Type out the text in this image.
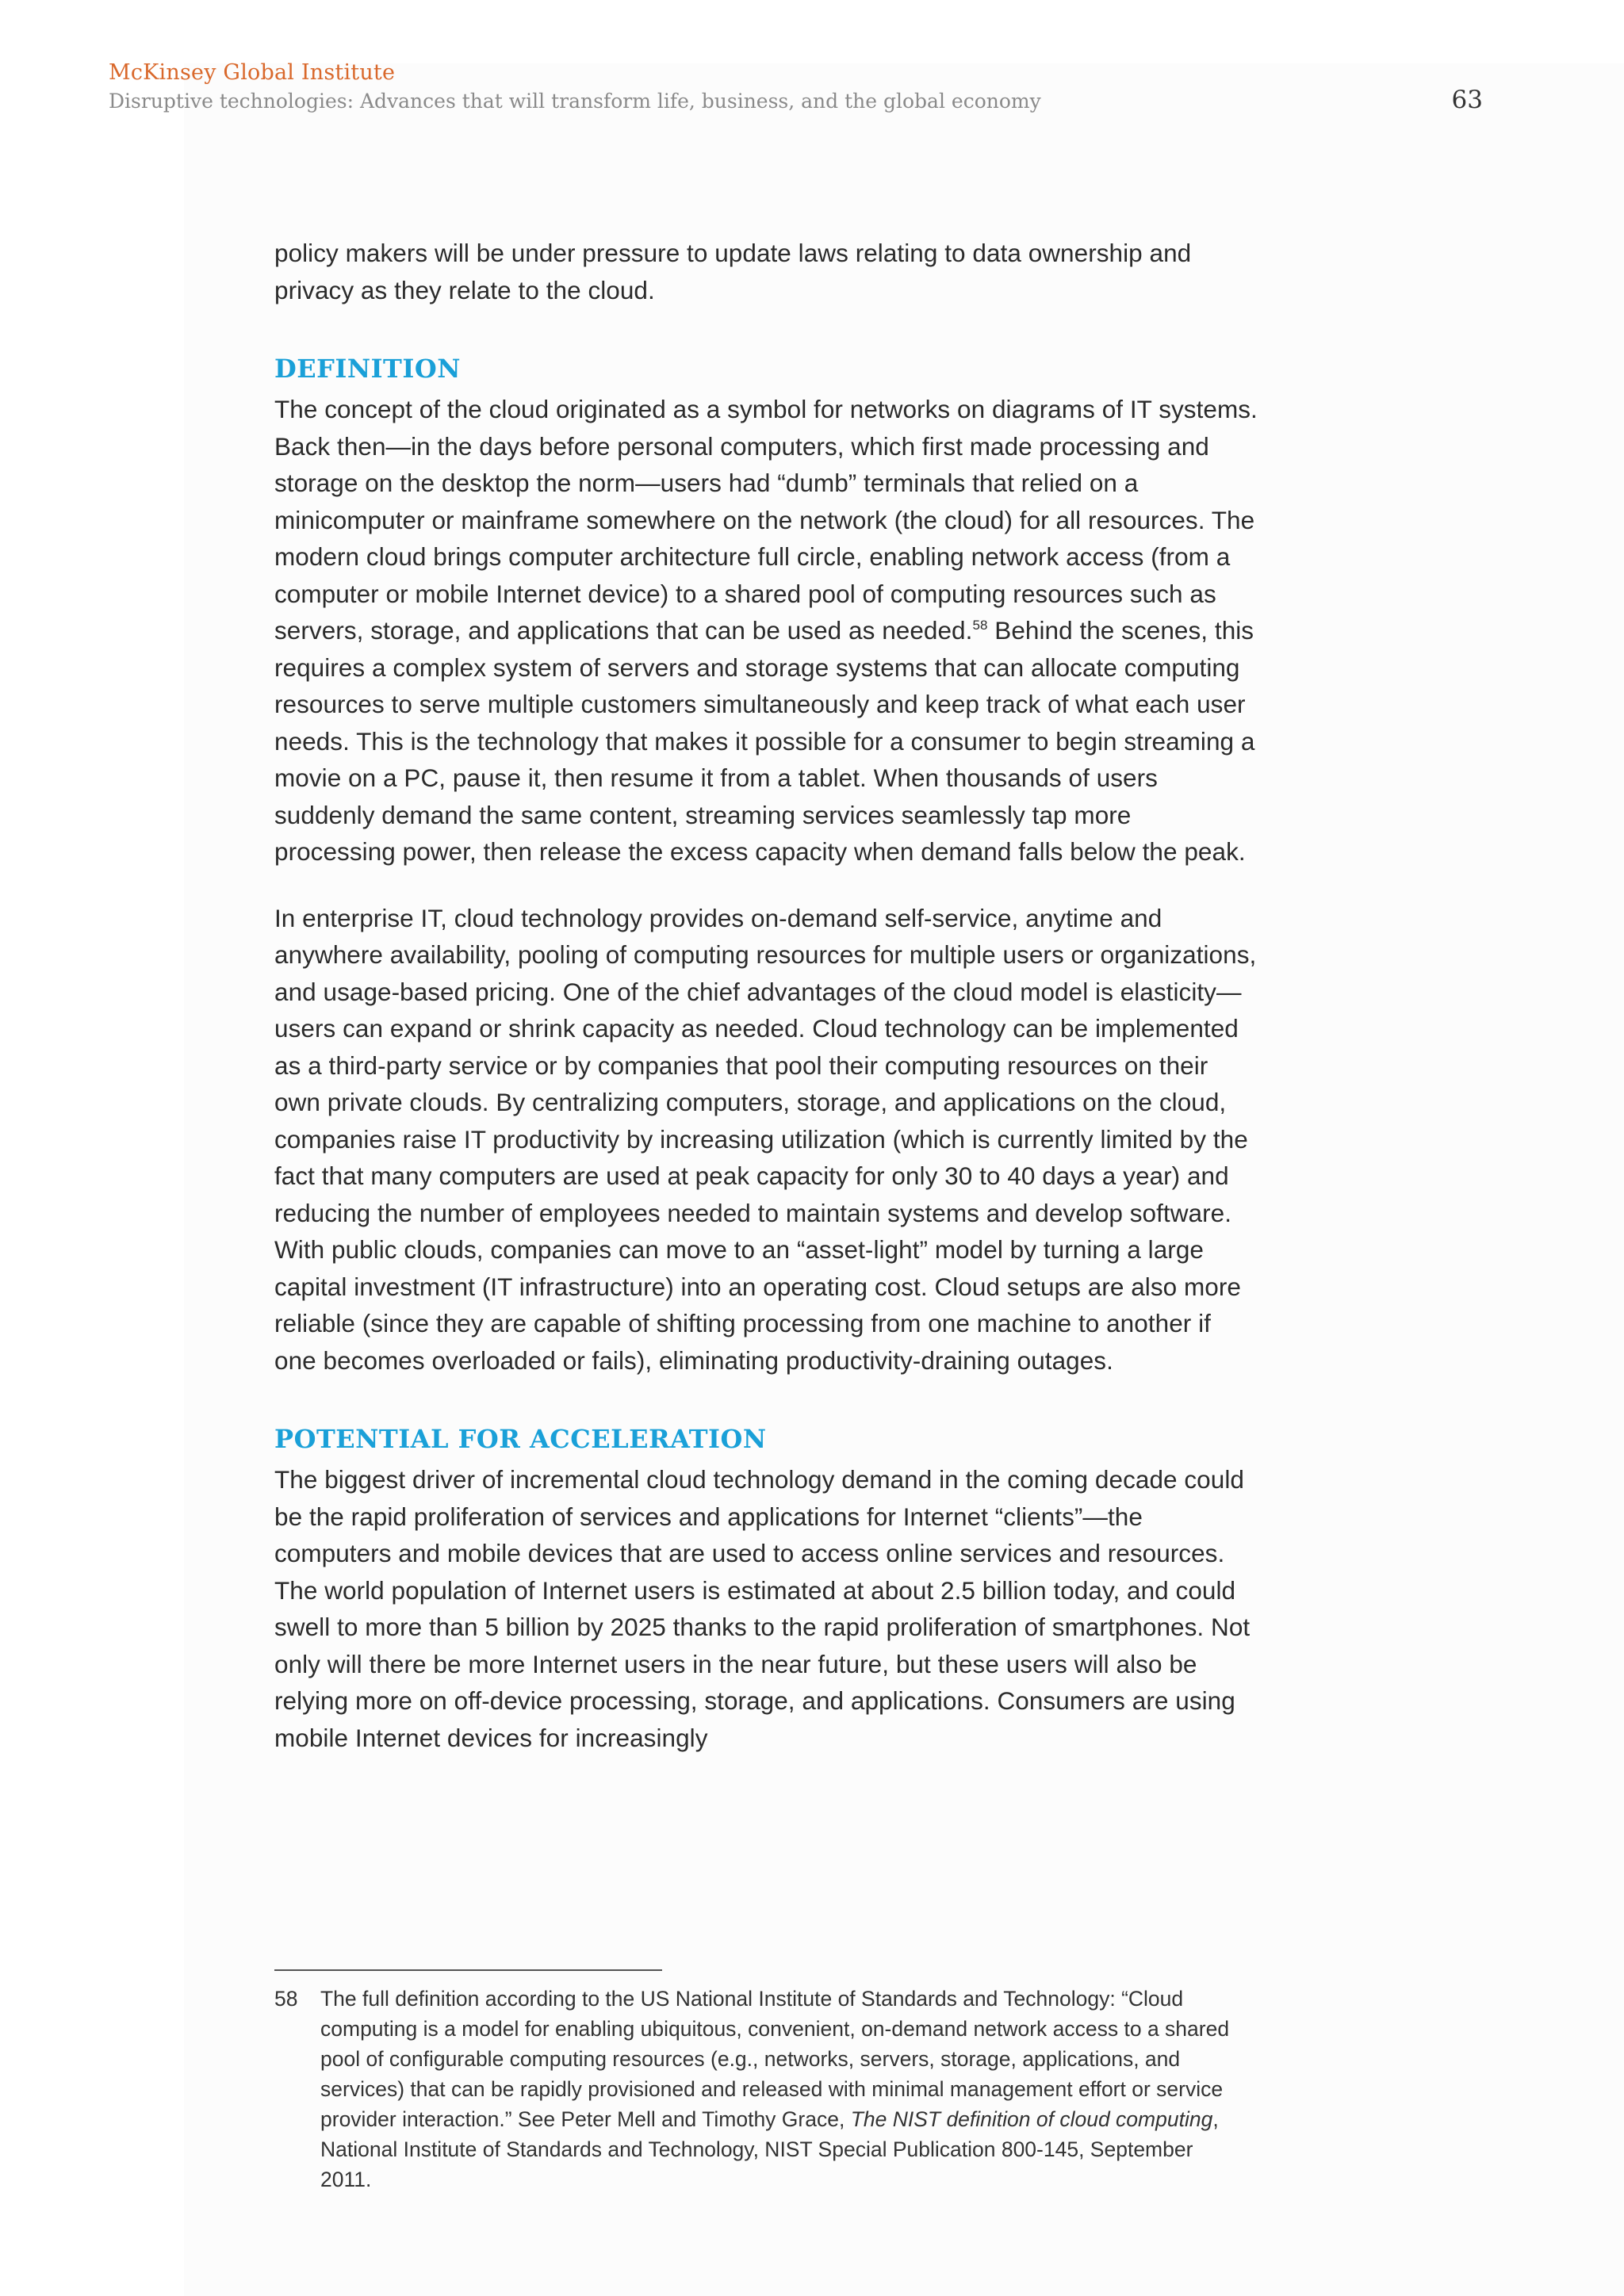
McKinsey Global Institute
Disruptive technologies: Advances that will transform life, business, and the global economy	63

policy makers will be under pressure to update laws relating to data ownership and privacy as they relate to the cloud.

DEFINITION

The concept of the cloud originated as a symbol for networks on diagrams of IT systems. Back then—in the days before personal computers, which first made processing and storage on the desktop the norm—users had “dumb” terminals that relied on a minicomputer or mainframe somewhere on the network (the cloud) for all resources. The modern cloud brings computer architecture full circle, enabling network access (from a computer or mobile Internet device) to a shared pool of computing resources such as servers, storage, and applications that can be used as needed.$^{58}$ Behind the scenes, this requires a complex system of servers and storage systems that can allocate computing resources to serve multiple customers simultaneously and keep track of what each user needs. This is the technology that makes it possible for a consumer to begin streaming a movie on a PC, pause it, then resume it from a tablet. When thousands of users suddenly demand the same content, streaming services seamlessly tap more processing power, then release the excess capacity when demand falls below the peak.

In enterprise IT, cloud technology provides on-demand self-service, anytime and anywhere availability, pooling of computing resources for multiple users or organizations, and usage-based pricing. One of the chief advantages of the cloud model is elasticity—users can expand or shrink capacity as needed. Cloud technology can be implemented as a third-party service or by companies that pool their computing resources on their own private clouds. By centralizing computers, storage, and applications on the cloud, companies raise IT productivity by increasing utilization (which is currently limited by the fact that many computers are used at peak capacity for only 30 to 40 days a year) and reducing the number of employees needed to maintain systems and develop software. With public clouds, companies can move to an “asset-light” model by turning a large capital investment (IT infrastructure) into an operating cost. Cloud setups are also more reliable (since they are capable of shifting processing from one machine to another if one becomes overloaded or fails), eliminating productivity-draining outages.

POTENTIAL FOR ACCELERATION

The biggest driver of incremental cloud technology demand in the coming decade could be the rapid proliferation of services and applications for Internet “clients”—the computers and mobile devices that are used to access online services and resources. The world population of Internet users is estimated at about 2.5 billion today, and could swell to more than 5 billion by 2025 thanks to the rapid proliferation of smartphones. Not only will there be more Internet users in the near future, but these users will also be relying more on off-device processing, storage, and applications. Consumers are using mobile Internet devices for increasingly

58 The full definition according to the US National Institute of Standards and Technology: “Cloud computing is a model for enabling ubiquitous, convenient, on-demand network access to a shared pool of configurable computing resources (e.g., networks, servers, storage, applications, and services) that can be rapidly provisioned and released with minimal management effort or service provider interaction.” See Peter Mell and Timothy Grace, The NIST definition of cloud computing, National Institute of Standards and Technology, NIST Special Publication 800-145, September 2011.
